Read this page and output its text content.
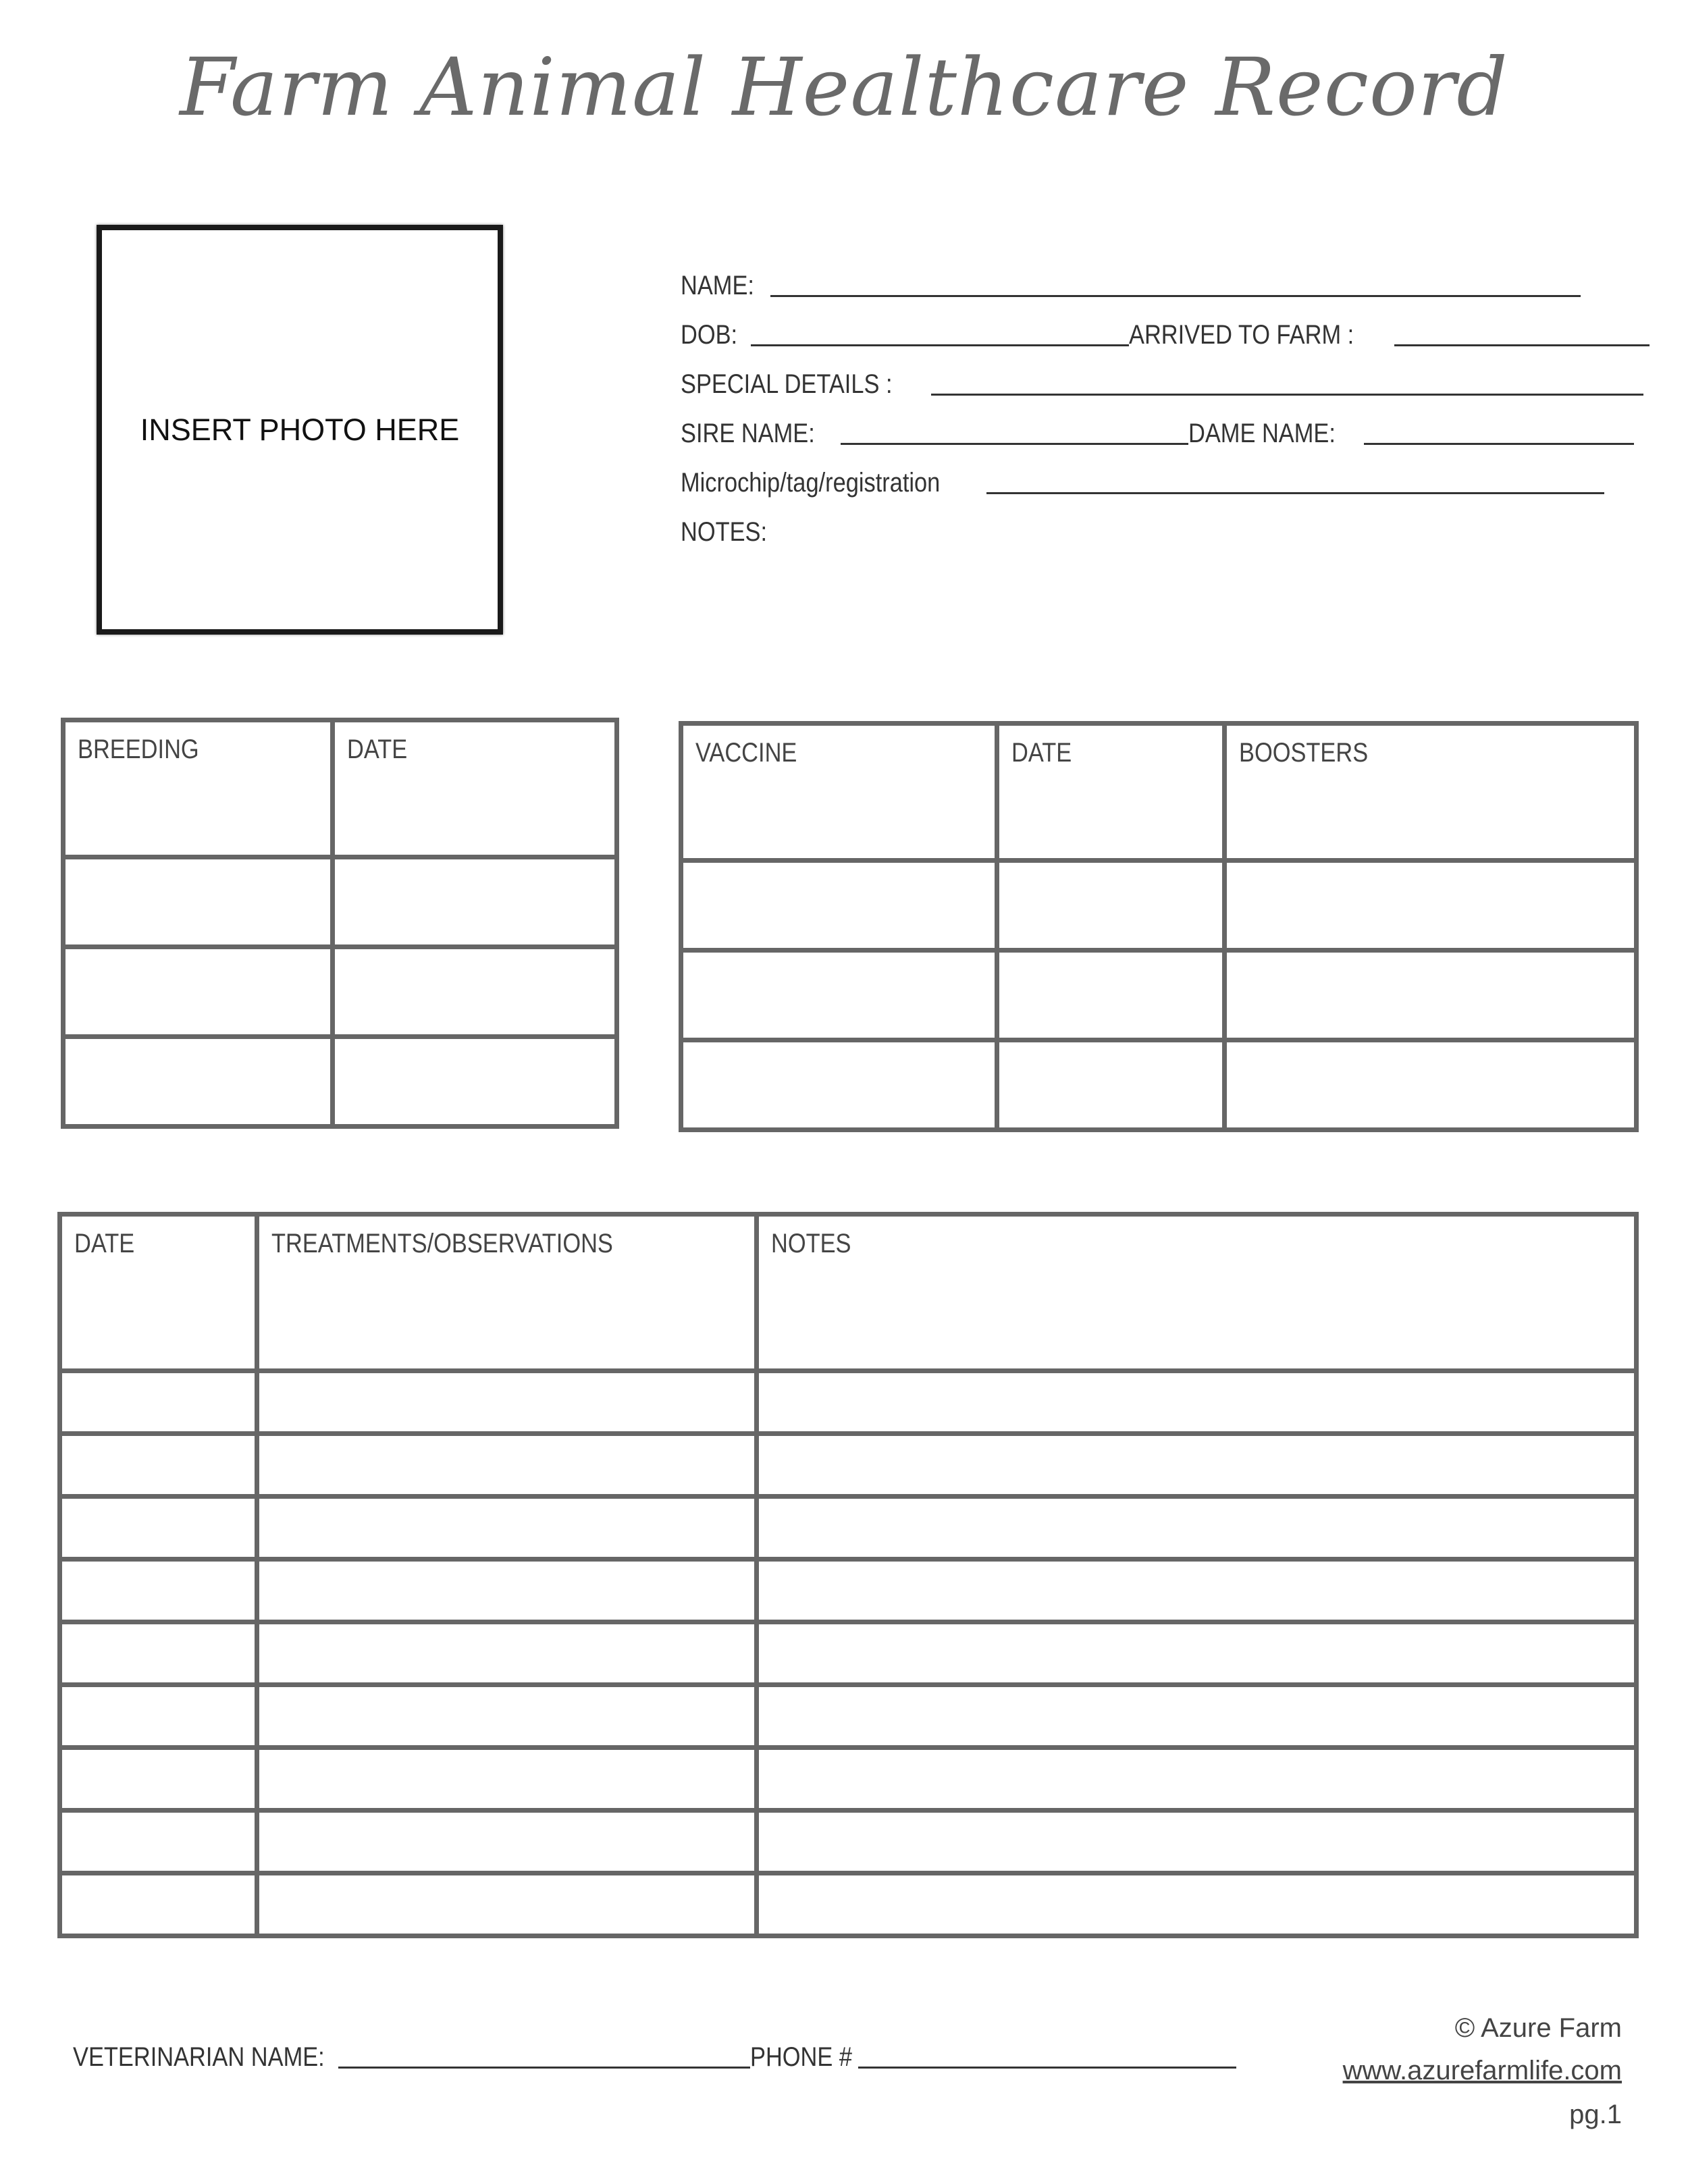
Farm Animal Healthcare Record
INSERT PHOTO HERE
NAME:
DOB:	ARRIVED TO FARM :
SPECIAL DETAILS :
SIRE NAME:	DAME NAME:
Microchip/tag/registration
NOTES:
BREEDING	DATE

		VACCINE	DATE	BOOSTERS

DATE	TREATMENTS/OBSERVATIONS	NOTES

VETERINARIAN NAME:	PHONE #
© Azure Farm
www.azurefarmlife.com
pg.1
